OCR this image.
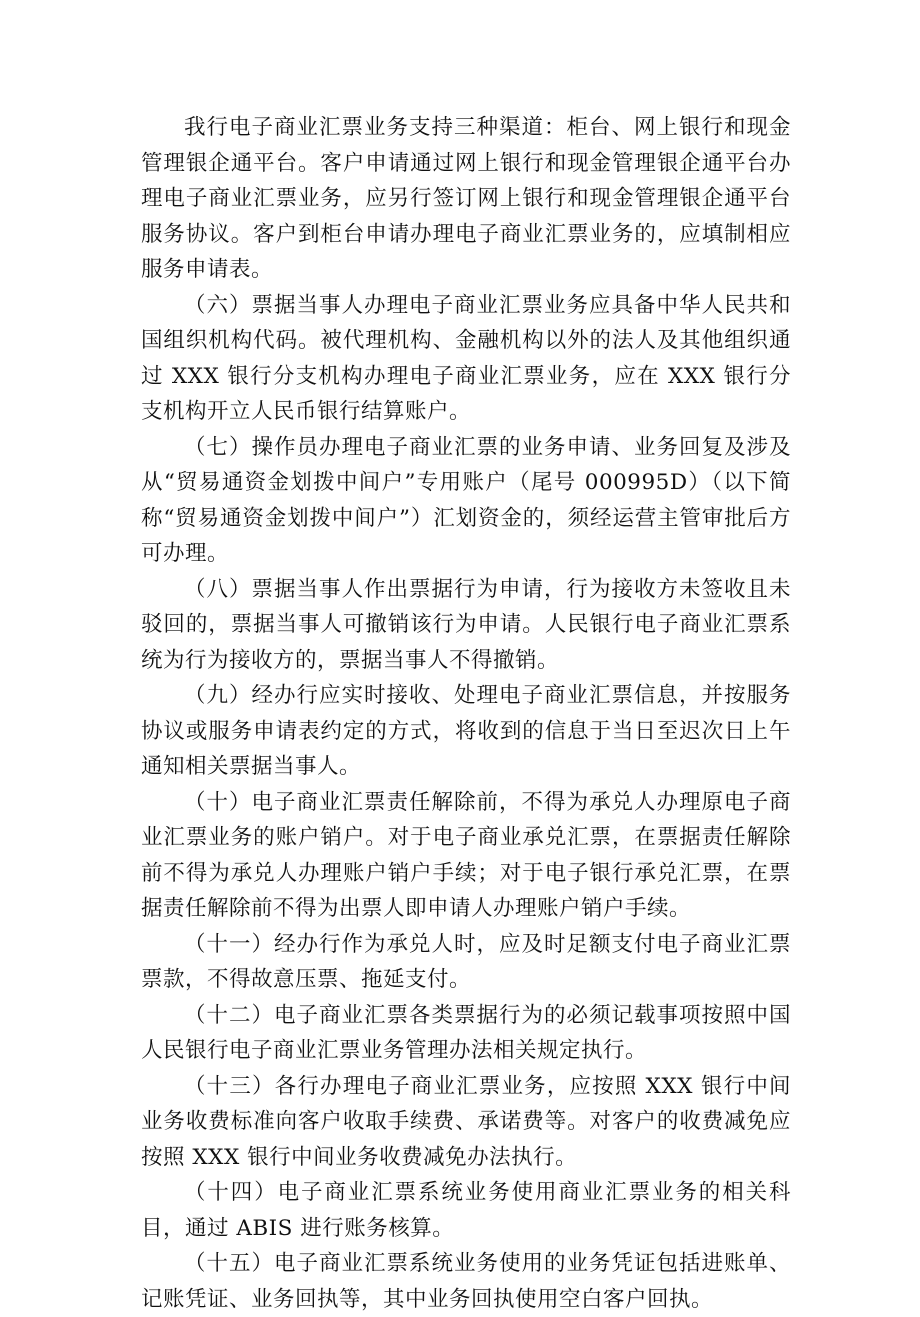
我行电子商业汇票业务支持三种渠道：柜台、网上银行和现金管理银企通平台。客户申请通过网上银行和现金管理银企通平台办理电子商业汇票业务，应另行签订网上银行和现金管理银企通平台服务协议。客户到柜台申请办理电子商业汇票业务的，应填制相应服务申请表。

（六）票据当事人办理电子商业汇票业务应具备中华人民共和国组织机构代码。被代理机构、金融机构以外的法人及其他组织通过 XXX 银行分支机构办理电子商业汇票业务，应在 XXX 银行分支机构开立人民币银行结算账户。

（七）操作员办理电子商业汇票的业务申请、业务回复及涉及从“贸易通资金划拨中间户”专用账户（尾号 000995D）（以下简称“贸易通资金划拨中间户”）汇划资金的，须经运营主管审批后方可办理。

（八）票据当事人作出票据行为申请，行为接收方未签收且未驳回的，票据当事人可撤销该行为申请。人民银行电子商业汇票系统为行为接收方的，票据当事人不得撤销。

（九）经办行应实时接收、处理电子商业汇票信息，并按服务协议或服务申请表约定的方式，将收到的信息于当日至迟次日上午通知相关票据当事人。

（十）电子商业汇票责任解除前，不得为承兑人办理原电子商业汇票业务的账户销户。对于电子商业承兑汇票，在票据责任解除前不得为承兑人办理账户销户手续；对于电子银行承兑汇票，在票据责任解除前不得为出票人即申请人办理账户销户手续。

（十一）经办行作为承兑人时，应及时足额支付电子商业汇票票款，不得故意压票、拖延支付。

（十二）电子商业汇票各类票据行为的必须记载事项按照中国人民银行电子商业汇票业务管理办法相关规定执行。

（十三）各行办理电子商业汇票业务，应按照 XXX 银行中间业务收费标准向客户收取手续费、承诺费等。对客户的收费减免应按照 XXX 银行中间业务收费减免办法执行。

（十四）电子商业汇票系统业务使用商业汇票业务的相关科目，通过 ABIS 进行账务核算。

（十五）电子商业汇票系统业务使用的业务凭证包括进账单、记账凭证、业务回执等，其中业务回执使用空白客户回执。
